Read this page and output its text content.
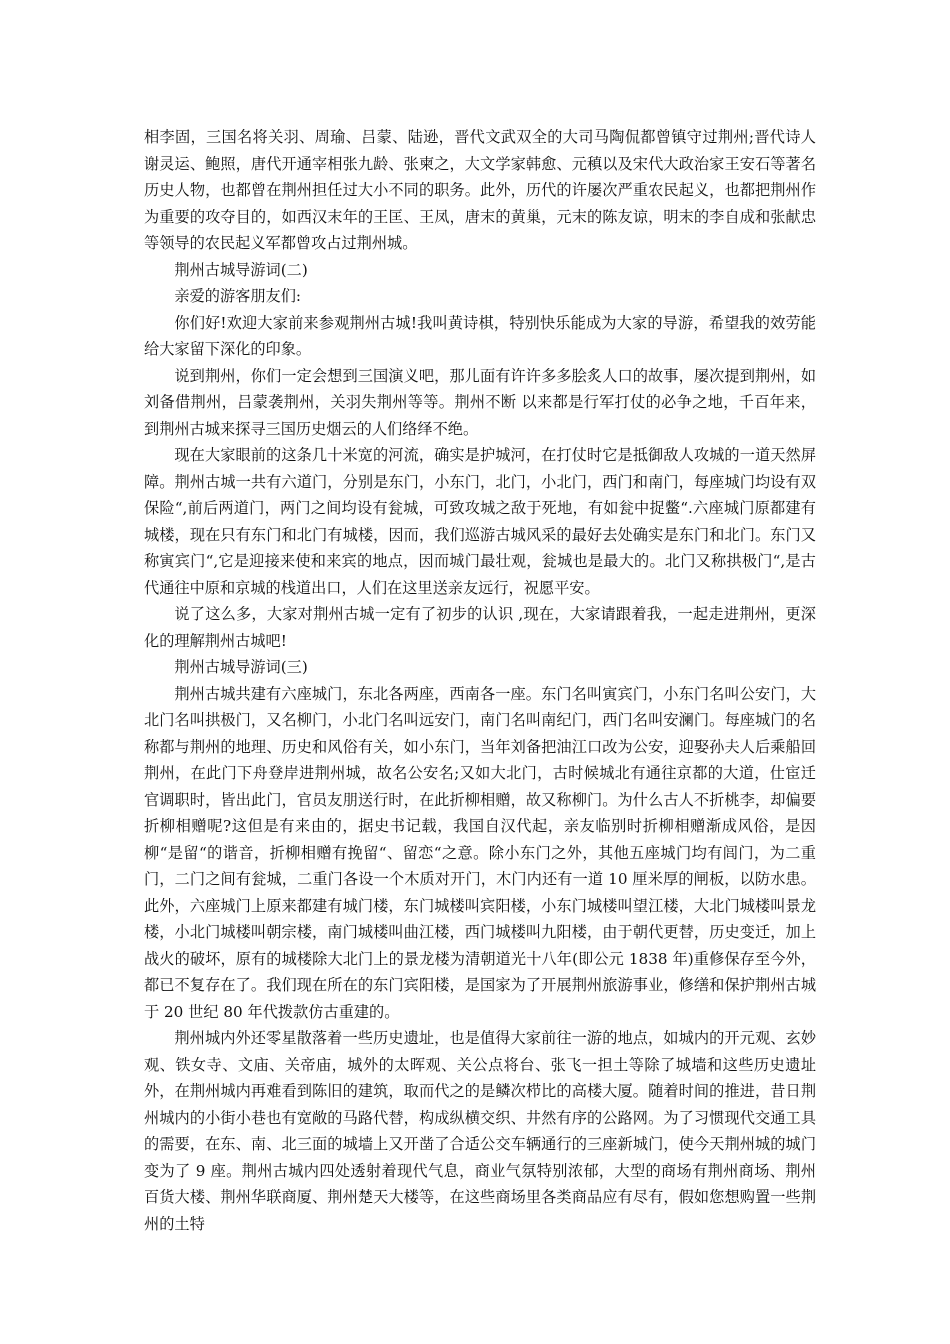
相李固，三国名将关羽、周瑜、吕蒙、陆逊，晋代文武双全的大司马陶侃都曾镇守过荆州;晋代诗人谢灵运、鲍照，唐代开通宰相张九龄、张柬之，大文学家韩愈、元稹以及宋代大政治家王安石等著名历史人物，也都曾在荆州担任过大小不同的职务。此外，历代的许屡次严重农民起义，也都把荆州作为重要的攻夺目的，如西汉末年的王匡、王凤，唐末的黄巢，元末的陈友谅，明末的李自成和张献忠等领导的农民起义军都曾攻占过荆州城。

荆州古城导游词(二)

亲爱的游客朋友们:

你们好!欢迎大家前来参观荆州古城!我叫黄诗棋，特别快乐能成为大家的导游，希望我的效劳能给大家留下深化的印象。

说到荆州，你们一定会想到三国演义吧，那儿面有许许多多脍炙人口的故事，屡次提到荆州，如刘备借荆州，吕蒙袭荆州，关羽失荆州等等。荆州不断 以来都是行军打仗的必争之地，千百年来，到荆州古城来探寻三国历史烟云的人们络绎不绝。

现在大家眼前的这条几十米宽的河流，确实是护城河，在打仗时它是抵御敌人攻城的一道天然屏障。荆州古城一共有六道门，分别是东门，小东门，北门，小北门，西门和南门，每座城门均设有双保险“,前后两道门，两门之间均设有瓮城，可致攻城之敌于死地，有如瓮中捉鳖“.六座城门原都建有城楼，现在只有东门和北门有城楼，因而，我们巡游古城风采的最好去处确实是东门和北门。东门又称寅宾门“,它是迎接来使和来宾的地点，因而城门最壮观，瓮城也是最大的。北门又称拱极门“,是古代通往中原和京城的栈道出口，人们在这里送亲友远行，祝愿平安。

说了这么多，大家对荆州古城一定有了初步的认识 ,现在，大家请跟着我，一起走进荆州，更深化的理解荆州古城吧!

荆州古城导游词(三)

荆州古城共建有六座城门，东北各两座，西南各一座。东门名叫寅宾门，小东门名叫公安门，大北门名叫拱极门，又名柳门，小北门名叫远安门，南门名叫南纪门，西门名叫安澜门。每座城门的名称都与荆州的地理、历史和风俗有关，如小东门，当年刘备把油江口改为公安，迎娶孙夫人后乘船回荆州，在此门下舟登岸进荆州城，故名公安名;又如大北门，古时候城北有通往京都的大道，仕宦迁官调职时，皆出此门，官员友朋送行时，在此折柳相赠，故又称柳门。为什么古人不折桃李，却偏要折柳相赠呢?这但是有来由的，据史书记载，我国自汉代起，亲友临别时折柳相赠渐成风俗，是因柳“是留“的谐音，折柳相赠有挽留“、留恋“之意。除小东门之外，其他五座城门均有闾门，为二重门，二门之间有瓮城，二重门各设一个木质对开门，木门内还有一道 10 厘米厚的闸板，以防水患。此外，六座城门上原来都建有城门楼，东门城楼叫宾阳楼，小东门城楼叫望江楼，大北门城楼叫景龙楼，小北门城楼叫朝宗楼，南门城楼叫曲江楼，西门城楼叫九阳楼，由于朝代更替，历史变迁，加上战火的破坏，原有的城楼除大北门上的景龙楼为清朝道光十八年(即公元 1838 年)重修保存至今外，都已不复存在了。我们现在所在的东门宾阳楼，是国家为了开展荆州旅游事业，修缮和保护荆州古城于 20 世纪 80 年代拨款仿古重建的。

荆州城内外还零星散落着一些历史遗址，也是值得大家前往一游的地点，如城内的开元观、玄妙观、铁女寺、文庙、关帝庙，城外的太晖观、关公点将台、张飞一担土等除了城墙和这些历史遗址外，在荆州城内再难看到陈旧的建筑，取而代之的是鳞次栉比的高楼大厦。随着时间的推进，昔日荆州城内的小街小巷也有宽敞的马路代替，构成纵横交织、井然有序的公路网。为了习惯现代交通工具的需要，在东、南、北三面的城墙上又开凿了合适公交车辆通行的三座新城门，使今天荆州城的城门变为了 9 座。荆州古城内四处透射着现代气息，商业气氛特别浓郁，大型的商场有荆州商场、荆州百货大楼、荆州华联商厦、荆州楚天大楼等，在这些商场里各类商品应有尽有，假如您想购置一些荆州的土特
